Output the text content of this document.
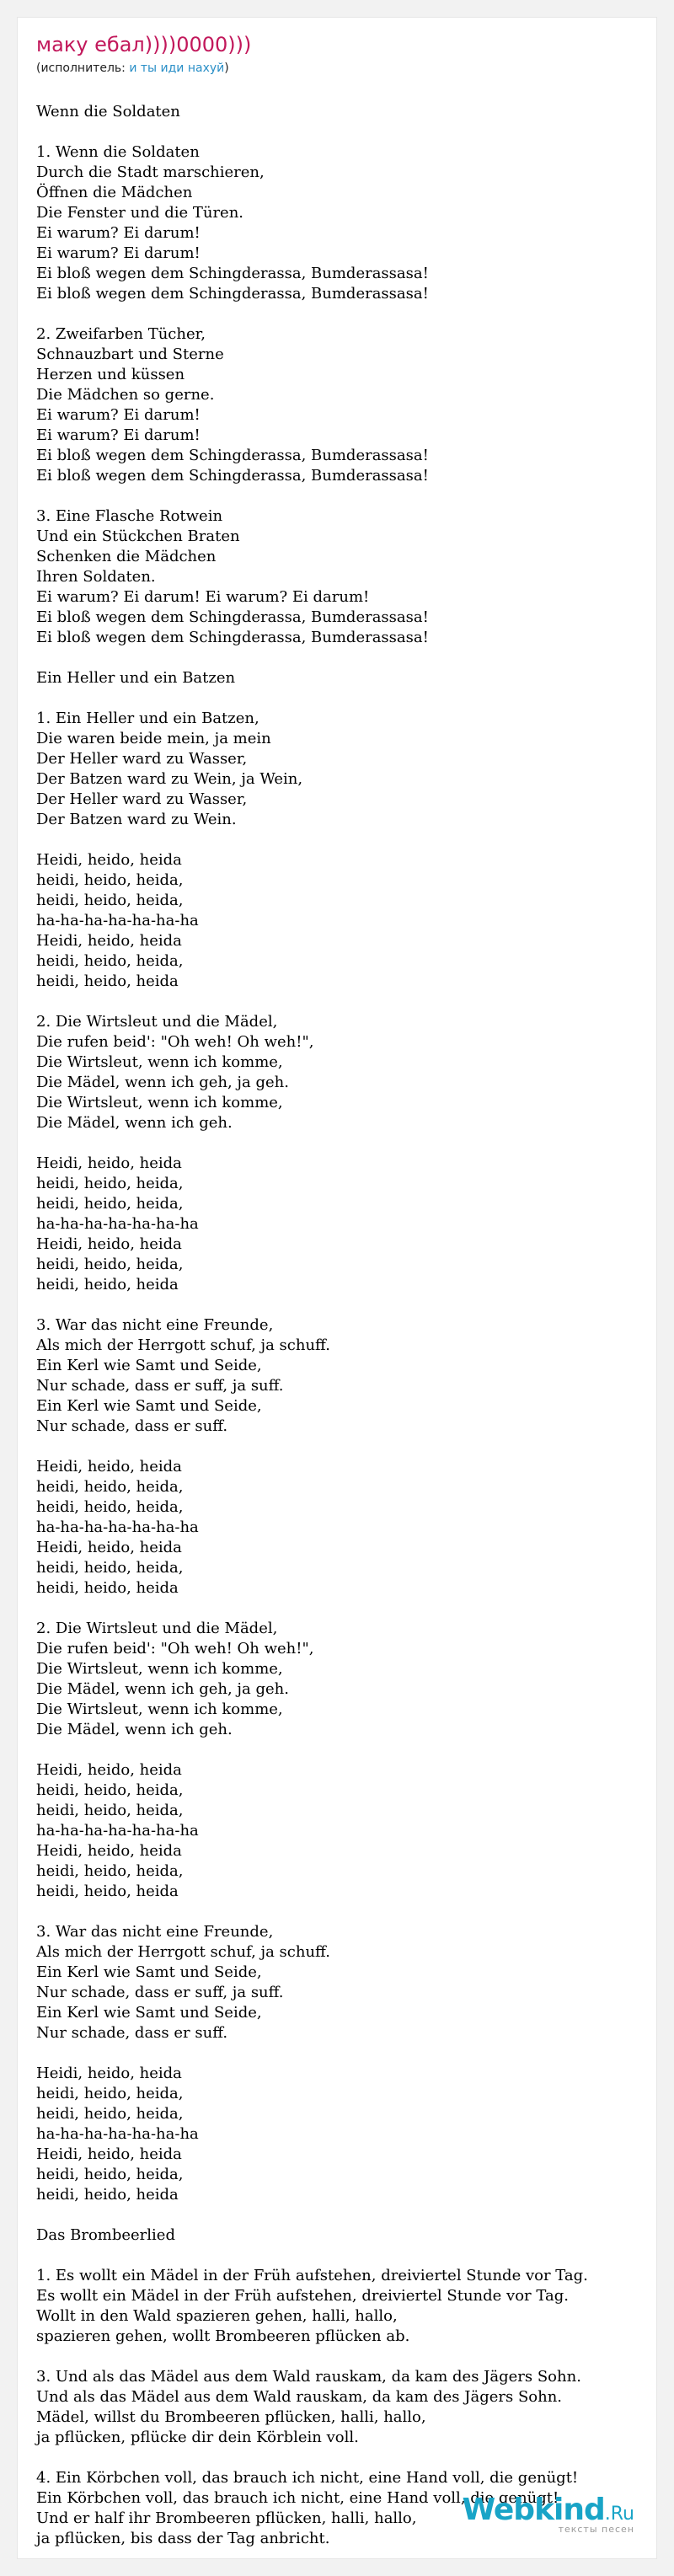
маку ебал))))0000)))
(исполнитель: и ты иди нахуй)
Wenn die Soldaten

1. Wenn die Soldaten
Durch die Stadt marschieren,
Öffnen die Mädchen
Die Fenster und die Türen.
Ei warum? Ei darum!
Ei warum? Ei darum!
Ei bloß wegen dem Schingderassa, Bumderassasa!
Ei bloß wegen dem Schingderassa, Bumderassasa!

2. Zweifarben Tücher,
Schnauzbart und Sterne
Herzen und küssen
Die Mädchen so gerne.
Ei warum? Ei darum!
Ei warum? Ei darum!
Ei bloß wegen dem Schingderassa, Bumderassasa!
Ei bloß wegen dem Schingderassa, Bumderassasa!

3. Eine Flasche Rotwein
Und ein Stückchen Braten
Schenken die Mädchen
Ihren Soldaten.
Ei warum? Ei darum! Ei warum? Ei darum!
Ei bloß wegen dem Schingderassa, Bumderassasa!
Ei bloß wegen dem Schingderassa, Bumderassasa!

Ein Heller und ein Batzen

1. Ein Heller und ein Batzen,
Die waren beide mein, ja mein
Der Heller ward zu Wasser,
Der Batzen ward zu Wein, ja Wein,
Der Heller ward zu Wasser,
Der Batzen ward zu Wein.

Heidi, heido, heida
heidi, heido, heida,
heidi, heido, heida,
ha-ha-ha-ha-ha-ha-ha
Heidi, heido, heida
heidi, heido, heida,
heidi, heido, heida

2. Die Wirtsleut und die Mädel,
Die rufen beid': "Oh weh! Oh weh!",
Die Wirtsleut, wenn ich komme,
Die Mädel, wenn ich geh, ja geh.
Die Wirtsleut, wenn ich komme,
Die Mädel, wenn ich geh.

Heidi, heido, heida
heidi, heido, heida,
heidi, heido, heida,
ha-ha-ha-ha-ha-ha-ha
Heidi, heido, heida
heidi, heido, heida,
heidi, heido, heida

3. War das nicht eine Freunde,
Als mich der Herrgott schuf, ja schuff.
Ein Kerl wie Samt und Seide,
Nur schade, dass er suff, ja suff.
Ein Kerl wie Samt und Seide,
Nur schade, dass er suff.

Heidi, heido, heida
heidi, heido, heida,
heidi, heido, heida,
ha-ha-ha-ha-ha-ha-ha
Heidi, heido, heida
heidi, heido, heida,
heidi, heido, heida

2. Die Wirtsleut und die Mädel,
Die rufen beid': "Oh weh! Oh weh!",
Die Wirtsleut, wenn ich komme,
Die Mädel, wenn ich geh, ja geh.
Die Wirtsleut, wenn ich komme,
Die Mädel, wenn ich geh.

Heidi, heido, heida
heidi, heido, heida,
heidi, heido, heida,
ha-ha-ha-ha-ha-ha-ha
Heidi, heido, heida
heidi, heido, heida,
heidi, heido, heida

3. War das nicht eine Freunde,
Als mich der Herrgott schuf, ja schuff.
Ein Kerl wie Samt und Seide,
Nur schade, dass er suff, ja suff.
Ein Kerl wie Samt und Seide,
Nur schade, dass er suff.

Heidi, heido, heida
heidi, heido, heida,
heidi, heido, heida,
ha-ha-ha-ha-ha-ha-ha
Heidi, heido, heida
heidi, heido, heida,
heidi, heido, heida

Das Brombeerlied

1. Es wollt ein Mädel in der Früh aufstehen, dreiviertel Stunde vor Tag.
Es wollt ein Mädel in der Früh aufstehen, dreiviertel Stunde vor Tag.
Wollt in den Wald spazieren gehen, halli, hallo,
spazieren gehen, wollt Brombeeren pflücken ab.

3. Und als das Mädel aus dem Wald rauskam, da kam des Jägers Sohn.
Und als das Mädel aus dem Wald rauskam, da kam des Jägers Sohn.
Mädel, willst du Brombeeren pflücken, halli, hallo,
ja pflücken, pflücke dir dein Körblein voll.

4. Ein Körbchen voll, das brauch ich nicht, eine Hand voll, die genügt!
Ein Körbchen voll, das brauch ich nicht, eine Hand voll, die genügt!
Und er half ihr Brombeeren pflücken, halli, hallo,
ja pflücken, bis dass der Tag anbricht.
Webkind.Ru
тексты песен
